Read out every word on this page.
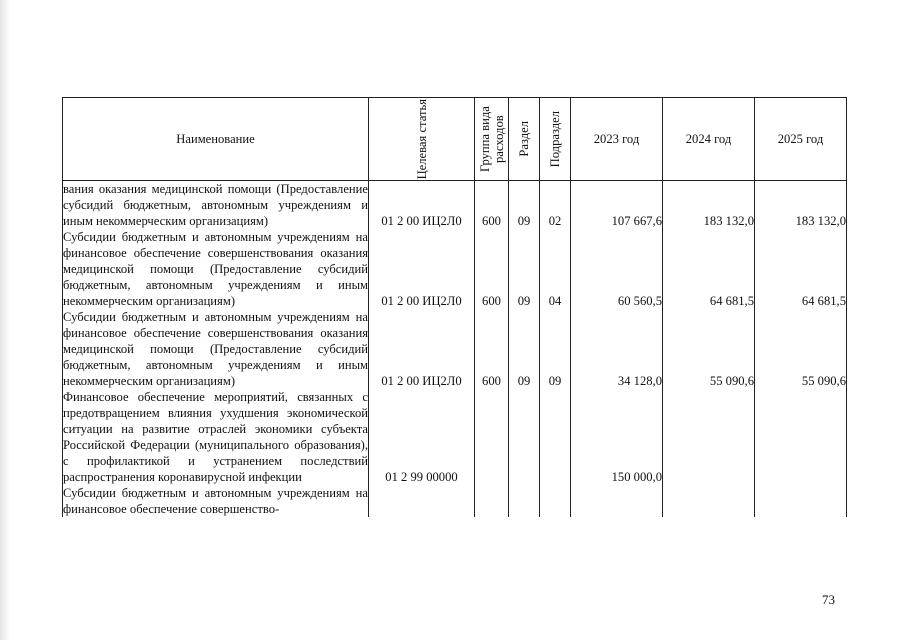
Наименование	Целевая статья	Группа вида расходов	Раздел	Подраздел	2023 год	2024 год	2025 год
вания оказания медицинской помощи (Предоставление субсидий бюджетным, автономным учреждениям и иным некоммерческим организациям)	01 2 00 ИЦ2Л0	600	09	02	107 667,6	183 132,0	183 132,0
Субсидии бюджетным и автономным учреждениям на финансовое обеспечение совершенствования оказания медицинской помощи (Предоставление субсидий бюджетным, автономным учреждениям и иным некоммерческим организациям)	01 2 00 ИЦ2Л0	600	09	04	60 560,5	64 681,5	64 681,5
Субсидии бюджетным и автономным учреждениям на финансовое обеспечение совершенствования оказания медицинской помощи (Предоставление субсидий бюджетным, автономным учреждениям и иным некоммерческим организациям)	01 2 00 ИЦ2Л0	600	09	09	34 128,0	55 090,6	55 090,6
Финансовое обеспечение мероприятий, связанных с предотвращением влияния ухудшения экономической ситуации на развитие отраслей экономики субъекта Российской Федерации (муниципального образования), с профилактикой и устранением последствий распространения коронавирусной инфекции	01 2 99 00000				150 000,0		
Субсидии бюджетным и автономным учреждениям на финансовое обеспечение совершенство-							
73
